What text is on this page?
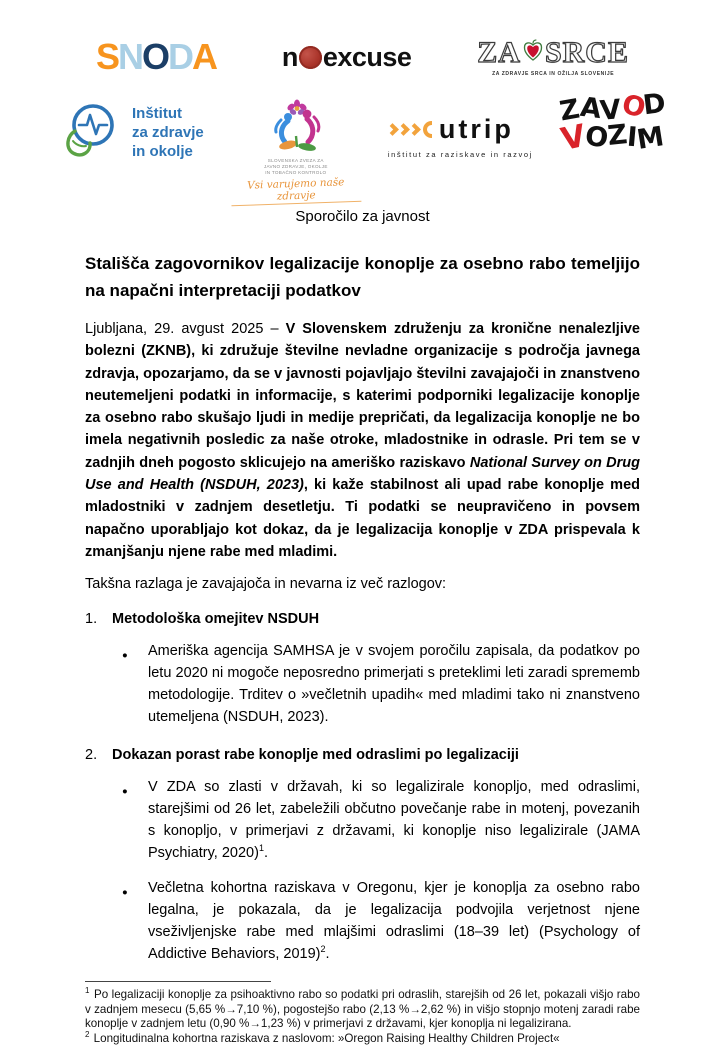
SNODA n excuse ZA SRCE
ZA ZDRAVJE SRCA IN OŽILJA SLOVENIJE
Inštitut
za zdravje
in okolje
SLOVENSKA ZVEZA ZA
JAVNO ZDRAVJE, OKOLJE
IN TOBAČNO KONTROLO
Vsi varujemo naše zdravje
utrip
inštitut za raziskave in razvoj
ZAVOD
VOZIM

Sporočilo za javnost

Stališča zagovornikov legalizacije konoplje za osebno rabo temeljijo na napačni interpretaciji podatkov

Ljubljana, 29. avgust 2025 – V Slovenskem združenju za kronične nenalezljive bolezni (ZKNB), ki združuje številne nevladne organizacije s področja javnega zdravja, opozarjamo, da se v javnosti pojavljajo številni zavajajoči in znanstveno neutemeljeni podatki in informacije, s katerimi podporniki legalizacije konoplje za osebno rabo skušajo ljudi in medije prepričati, da legalizacija konoplje ne bo imela negativnih posledic za naše otroke, mladostnike in odrasle. Pri tem se v zadnjih dneh pogosto sklicujejo na ameriško raziskavo National Survey on Drug Use and Health (NSDUH, 2023), ki kaže stabilnost ali upad rabe konoplje med mladostniki v zadnjem desetletju. Ti podatki se neupravičeno in povsem napačno uporabljajo kot dokaz, da je legalizacija konoplje v ZDA prispevala k zmanjšanju njene rabe med mladimi.

Takšna razlaga je zavajajoča in nevarna iz več razlogov:

1.	Metodološka omejitev NSDUH
●	Ameriška agencija SAMHSA je v svojem poročilu zapisala, da podatkov po letu 2020 ni mogoče neposredno primerjati s preteklimi leti zaradi sprememb metodologije. Trditev o »večletnih upadih« med mladimi tako ni znanstveno utemeljena (NSDUH, 2023).
2.	Dokazan porast rabe konoplje med odraslimi po legalizaciji
●	V ZDA so zlasti v državah, ki so legalizirale konopljo, med odraslimi, starejšimi od 26 let, zabeležili občutno povečanje rabe in motenj, povezanih s konopljo, v primerjavi z državami, ki konoplje niso legalizirale (JAMA Psychiatry, 2020)$^1$.
●	Večletna kohortna raziskava v Oregonu, kjer je konoplja za osebno rabo legalna, je pokazala, da je legalizacija podvojila verjetnost njene vseživljenjske rabe med mlajšimi odraslimi (18–39 let) (Psychology of Addictive Behaviors, 2019)$^2$.

$^1$ Po legalizaciji konoplje za psihoaktivno rabo so podatki pri odraslih, starejših od 26 let, pokazali višjo rabo v zadnjem mesecu (5,65 %→7,10 %), pogostejšo rabo (2,13 %→2,62 %) in višjo stopnjo motenj zaradi rabe konoplje v zadnjem letu (0,90 %→1,23 %) v primerjavi z državami, kjer konoplja ni legalizirana.

$^2$ Longitudinalna kohortna raziskava z naslovom: »Oregon Raising Healthy Children Project«
